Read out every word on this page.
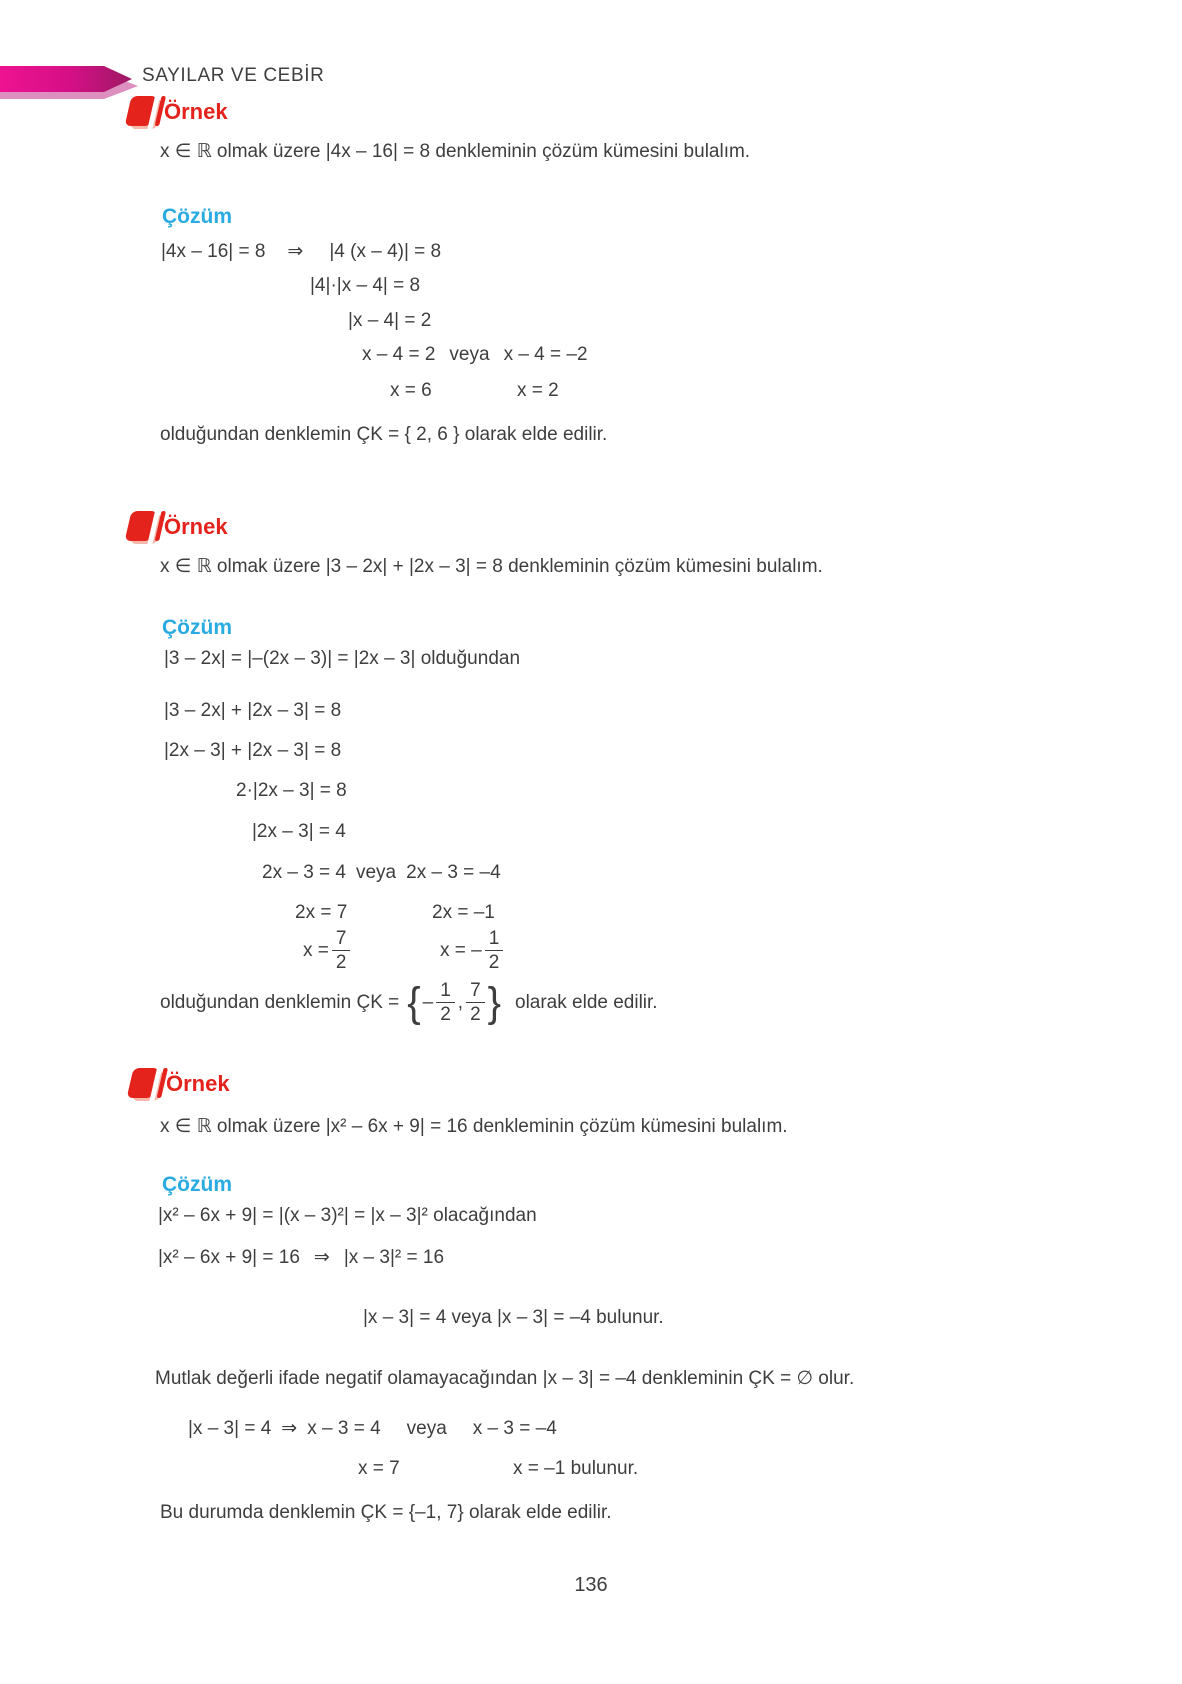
SAYILAR VE CEBİR
Örnek
x ∈ ℝ olmak üzere |4x – 16| = 8 denkleminin çözüm kümesini bulalım.
Çözüm
|4x – 16| = 8 ⇒ |4 (x – 4)| = 8
|4|·|x – 4| = 8
|x – 4| = 2
x – 4 = 2 veya x – 4 = –2
x = 6	x = 2
olduğundan denklemin ÇK = { 2, 6 } olarak elde edilir.
Örnek
x ∈ ℝ olmak üzere |3 – 2x| + |2x – 3| = 8 denkleminin çözüm kümesini bulalım.
Çözüm
|3 – 2x| = |–(2x – 3)| = |2x – 3| olduğundan
|3 – 2x| + |2x – 3| = 8
|2x – 3| + |2x – 3| = 8
2·|2x – 3| = 8
|2x – 3| = 4
2x – 3 = 4 veya 2x – 3 = –4
2x = 7	2x = –1
$x = \frac{7}{2}$	x = – $\frac{1}{2}$
olduğundan denklemin ÇK = { – $\frac{1}{2}$ , $\frac{7}{2}$ } olarak elde edilir.
Örnek
x ∈ ℝ olmak üzere |x² – 6x + 9| = 16 denkleminin çözüm kümesini bulalım.
Çözüm
|x² – 6x + 9| = |(x – 3)²| = |x – 3|² olacağından
|x² – 6x + 9| = 16 ⇒ |x – 3|² = 16
|x – 3| = 4 veya |x – 3| = –4 bulunur.
Mutlak değerli ifade negatif olamayacağından |x – 3| = –4 denkleminin ÇK = ∅ olur.
|x – 3| = 4 ⇒ x – 3 = 4 veya x – 3 = –4
x = 7	x = –1 bulunur.
Bu durumda denklemin ÇK = {–1, 7} olarak elde edilir.
136
